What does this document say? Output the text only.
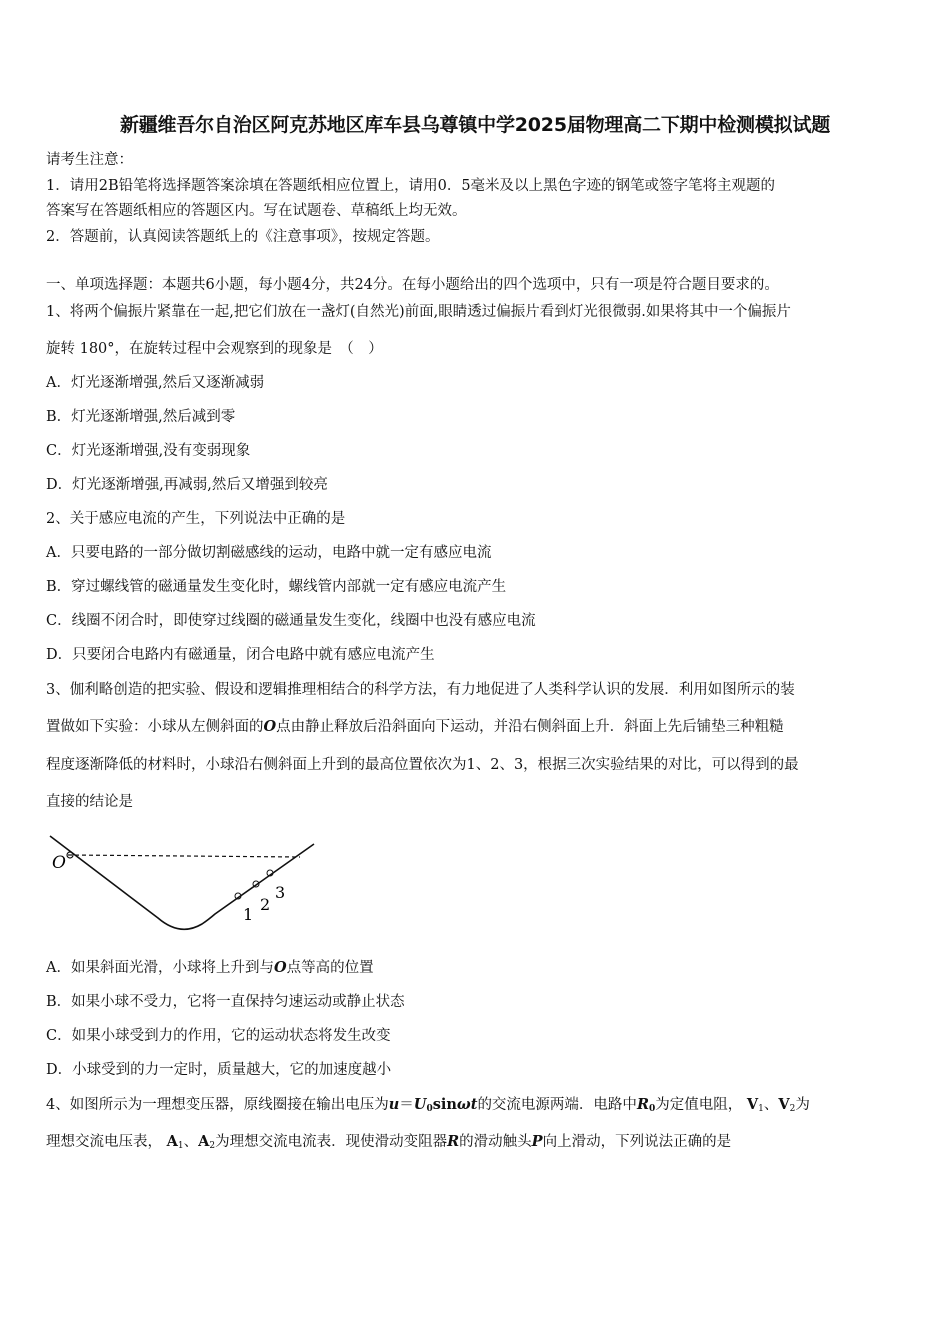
新疆维吾尔自治区阿克苏地区库车县乌尊镇中学2025届物理高二下期中检测模拟试题
请考生注意：
1．请用2B铅笔将选择题答案涂填在答题纸相应位置上，请用0．5毫米及以上黑色字迹的钢笔或签字笔将主观题的
答案写在答题纸相应的答题区内。写在试题卷、草稿纸上均无效。
2．答题前，认真阅读答题纸上的《注意事项》，按规定答题。
一、单项选择题：本题共6小题，每小题4分，共24分。在每小题给出的四个选项中，只有一项是符合题目要求的。
1、将两个偏振片紧靠在一起,把它们放在一盏灯(自然光)前面,眼睛透过偏振片看到灯光很微弱.如果将其中一个偏振片
旋转 180°，在旋转过程中会观察到的现象是　（　）
A．灯光逐渐增强,然后又逐渐减弱
B．灯光逐渐增强,然后减到零
C．灯光逐渐增强,没有变弱现象
D．灯光逐渐增强,再减弱,然后又增强到较亮
2、关于感应电流的产生，下列说法中正确的是
A．只要电路的一部分做切割磁感线的运动，电路中就一定有感应电流
B．穿过螺线管的磁通量发生变化时，螺线管内部就一定有感应电流产生
C．线圈不闭合时，即使穿过线圈的磁通量发生变化，线圈中也没有感应电流
D．只要闭合电路内有磁通量，闭合电路中就有感应电流产生
3、伽利略创造的把实验、假设和逻辑推理相结合的科学方法，有力地促进了人类科学认识的发展．利用如图所示的装
置做如下实验：小球从左侧斜面的O点由静止释放后沿斜面向下运动，并沿右侧斜面上升．斜面上先后铺垫三种粗糙
程度逐渐降低的材料时，小球沿右侧斜面上升到的最高位置依次为1、2、3，根据三次实验结果的对比，可以得到的最
直接的结论是
O
1
2
3
A．如果斜面光滑，小球将上升到与O点等高的位置
B．如果小球不受力，它将一直保持匀速运动或静止状态
C．如果小球受到力的作用，它的运动状态将发生改变
D．小球受到的力一定时，质量越大，它的加速度越小
4、如图所示为一理想变压器，原线圈接在输出电压为$u=U_0\sin\omega t$的交流电源两端．电路中$R_0$为定值电阻， $V_1$、$V_2$为
理想交流电压表， $A_1$、$A_2$为理想交流电流表．现使滑动变阻器R的滑动触头P向上滑动，下列说法正确的是
